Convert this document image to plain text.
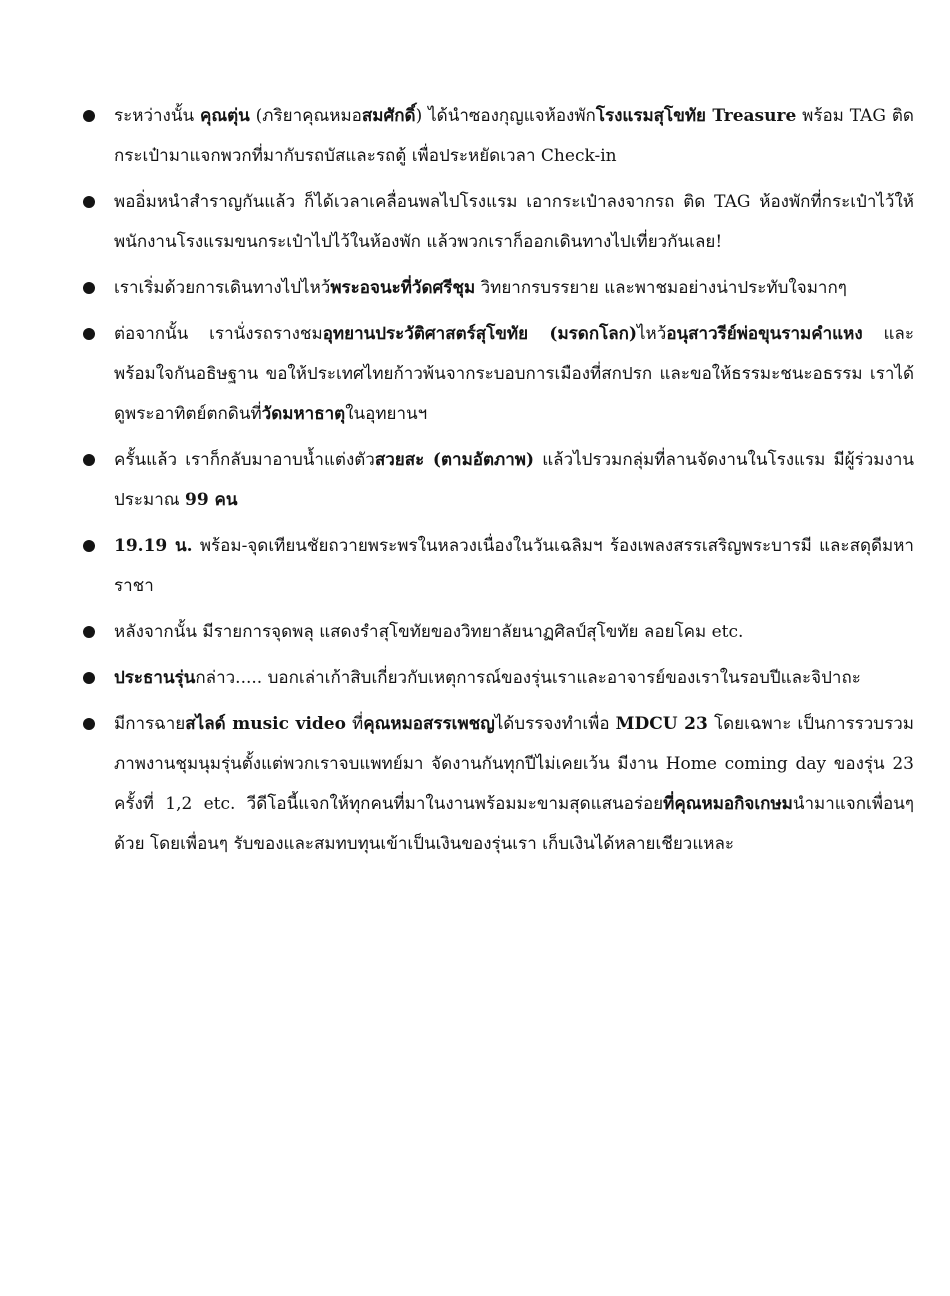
ระหว่างนั้น คุณตุ่น (ภริยาคุณหมอสมศักดิ์) ได้นำซองกุญแจห้องพักโรงแรมสุโขทัย Treasure พร้อม TAG ติดกระเป๋ามาแจกพวกที่มากับรถบัสและรถตู้ เพื่อประหยัดเวลา Check-in
พออิ่มหนำสำราญกันแล้ว ก็ได้เวลาเคลื่อนพลไปโรงแรม เอากระเป๋าลงจากรถ ติด TAG ห้องพักที่กระเป๋าไว้ให้พนักงานโรงแรมขนกระเป๋าไปไว้ในห้องพัก แล้วพวกเราก็ออกเดินทางไปเที่ยวกันเลย!
เราเริ่มด้วยการเดินทางไปไหว้พระอจนะที่วัดศรีชุม วิทยากรบรรยาย และพาชมอย่างน่าประทับใจมากๆ
ต่อจากนั้น เรานั่งรถรางชมอุทยานประวัติศาสตร์สุโขทัย (มรดกโลก)ไหว้อนุสาวรีย์พ่อขุนรามคำแหง และพร้อมใจกันอธิษฐาน ขอให้ประเทศไทยก้าวพ้นจากระบอบการเมืองที่สกปรก และขอให้ธรรมะชนะอธรรม เราได้ดูพระอาทิตย์ตกดินที่วัดมหาธาตุในอุทยานฯ
ครั้นแล้ว เราก็กลับมาอาบน้ำแต่งตัวสวยสะ (ตามอัตภาพ) แล้วไปรวมกลุ่มที่ลานจัดงานในโรงแรม มีผู้ร่วมงานประมาณ 99 คน
19.19 น. พร้อม-จุดเทียนชัยถวายพระพรในหลวงเนื่องในวันเฉลิมฯ ร้องเพลงสรรเสริญพระบารมี และสดุดีมหาราชา
หลังจากนั้น มีรายการจุดพลุ แสดงรำสุโขทัยของวิทยาลัยนาฏศิลป์สุโขทัย ลอยโคม etc.
ประธานรุ่นกล่าว..... บอกเล่าเก้าสิบเกี่ยวกับเหตุการณ์ของรุ่นเราและอาจารย์ของเราในรอบปีและจิปาถะ
มีการฉายสไลด์ music video ที่คุณหมอสรรเพชญได้บรรจงทำเพื่อ MDCU 23 โดยเฉพาะ เป็นการรวบรวมภาพงานชุมนุมรุ่นตั้งแต่พวกเราจบแพทย์มา จัดงานกันทุกปีไม่เคยเว้น มีงาน Home coming day ของรุ่น 23 ครั้งที่ 1,2 etc. วีดีโอนี้แจกให้ทุกคนที่มาในงานพร้อมมะขามสุดแสนอร่อยที่คุณหมอกิจเกษมนำมาแจกเพื่อนๆ ด้วย โดยเพื่อนๆ รับของและสมทบทุนเข้าเป็นเงินของรุ่นเรา เก็บเงินได้หลายเชียวแหละ
